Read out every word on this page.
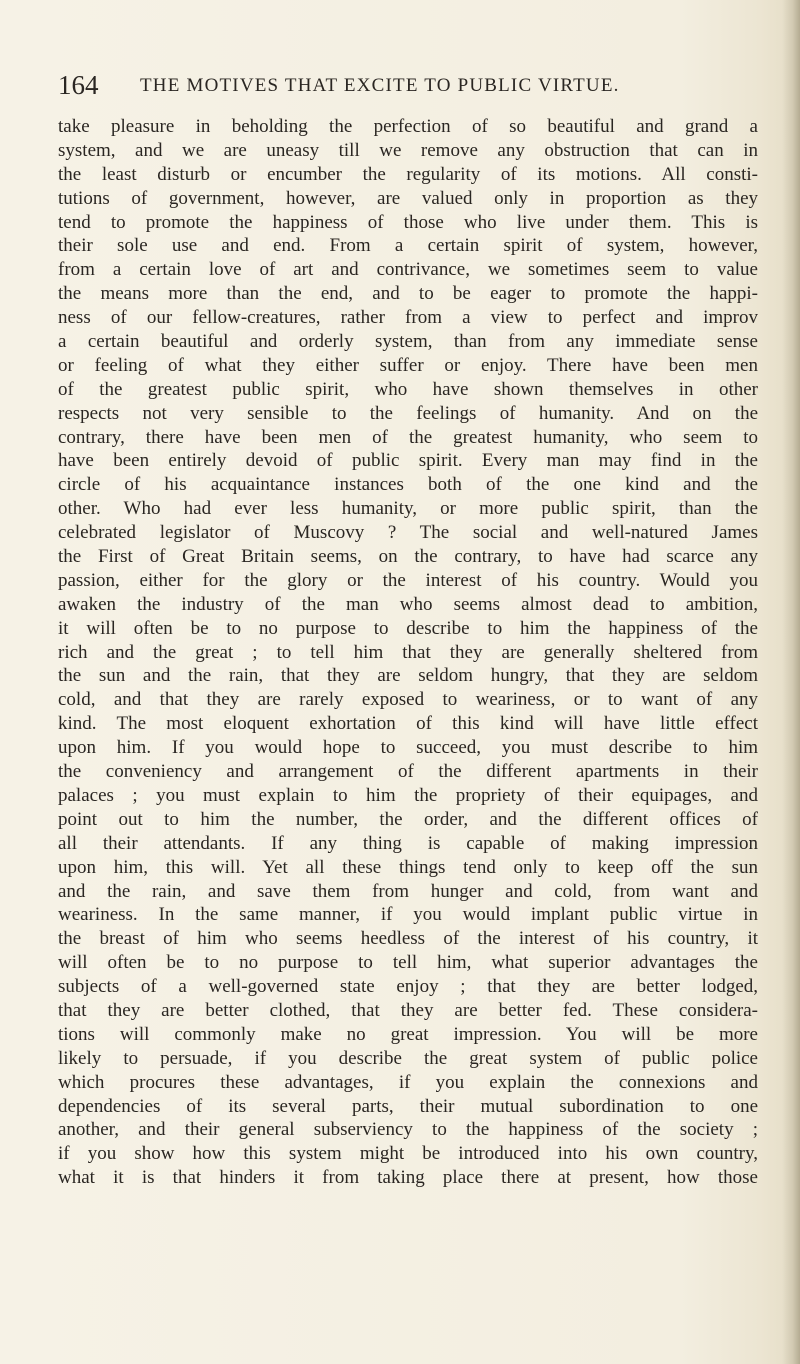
164 THE MOTIVES THAT EXCITE TO PUBLIC VIRTUE.
take pleasure in beholding the perfection of so beautiful and grand a
system, and we are uneasy till we remove any obstruction that can in
the least disturb or encumber the regularity of its motions. All consti-
tutions of government, however, are valued only in proportion as they
tend to promote the happiness of those who live under them. This is
their sole use and end. From a certain spirit of system, however,
from a certain love of art and contrivance, we sometimes seem to value
the means more than the end, and to be eager to promote the happi-
ness of our fellow-creatures, rather from a view to perfect and improv
a certain beautiful and orderly system, than from any immediate sense
or feeling of what they either suffer or enjoy. There have been men
of the greatest public spirit, who have shown themselves in other
respects not very sensible to the feelings of humanity. And on the
contrary, there have been men of the greatest humanity, who seem to
have been entirely devoid of public spirit. Every man may find in the
circle of his acquaintance instances both of the one kind and the
other. Who had ever less humanity, or more public spirit, than the
celebrated legislator of Muscovy ? The social and well-natured James
the First of Great Britain seems, on the contrary, to have had scarce any
passion, either for the glory or the interest of his country. Would you
awaken the industry of the man who seems almost dead to ambition,
it will often be to no purpose to describe to him the happiness of the
rich and the great ; to tell him that they are generally sheltered from
the sun and the rain, that they are seldom hungry, that they are seldom
cold, and that they are rarely exposed to weariness, or to want of any
kind. The most eloquent exhortation of this kind will have little effect
upon him. If you would hope to succeed, you must describe to him
the conveniency and arrangement of the different apartments in their
palaces ; you must explain to him the propriety of their equipages, and
point out to him the number, the order, and the different offices of
all their attendants. If any thing is capable of making impression
upon him, this will. Yet all these things tend only to keep off the sun
and the rain, and save them from hunger and cold, from want and
weariness. In the same manner, if you would implant public virtue in
the breast of him who seems heedless of the interest of his country, it
will often be to no purpose to tell him, what superior advantages the
subjects of a well-governed state enjoy ; that they are better lodged,
that they are better clothed, that they are better fed. These considera-
tions will commonly make no great impression. You will be more
likely to persuade, if you describe the great system of public police
which procures these advantages, if you explain the connexions and
dependencies of its several parts, their mutual subordination to one
another, and their general subserviency to the happiness of the society ;
if you show how this system might be introduced into his own country,
what it is that hinders it from taking place there at present, how those
